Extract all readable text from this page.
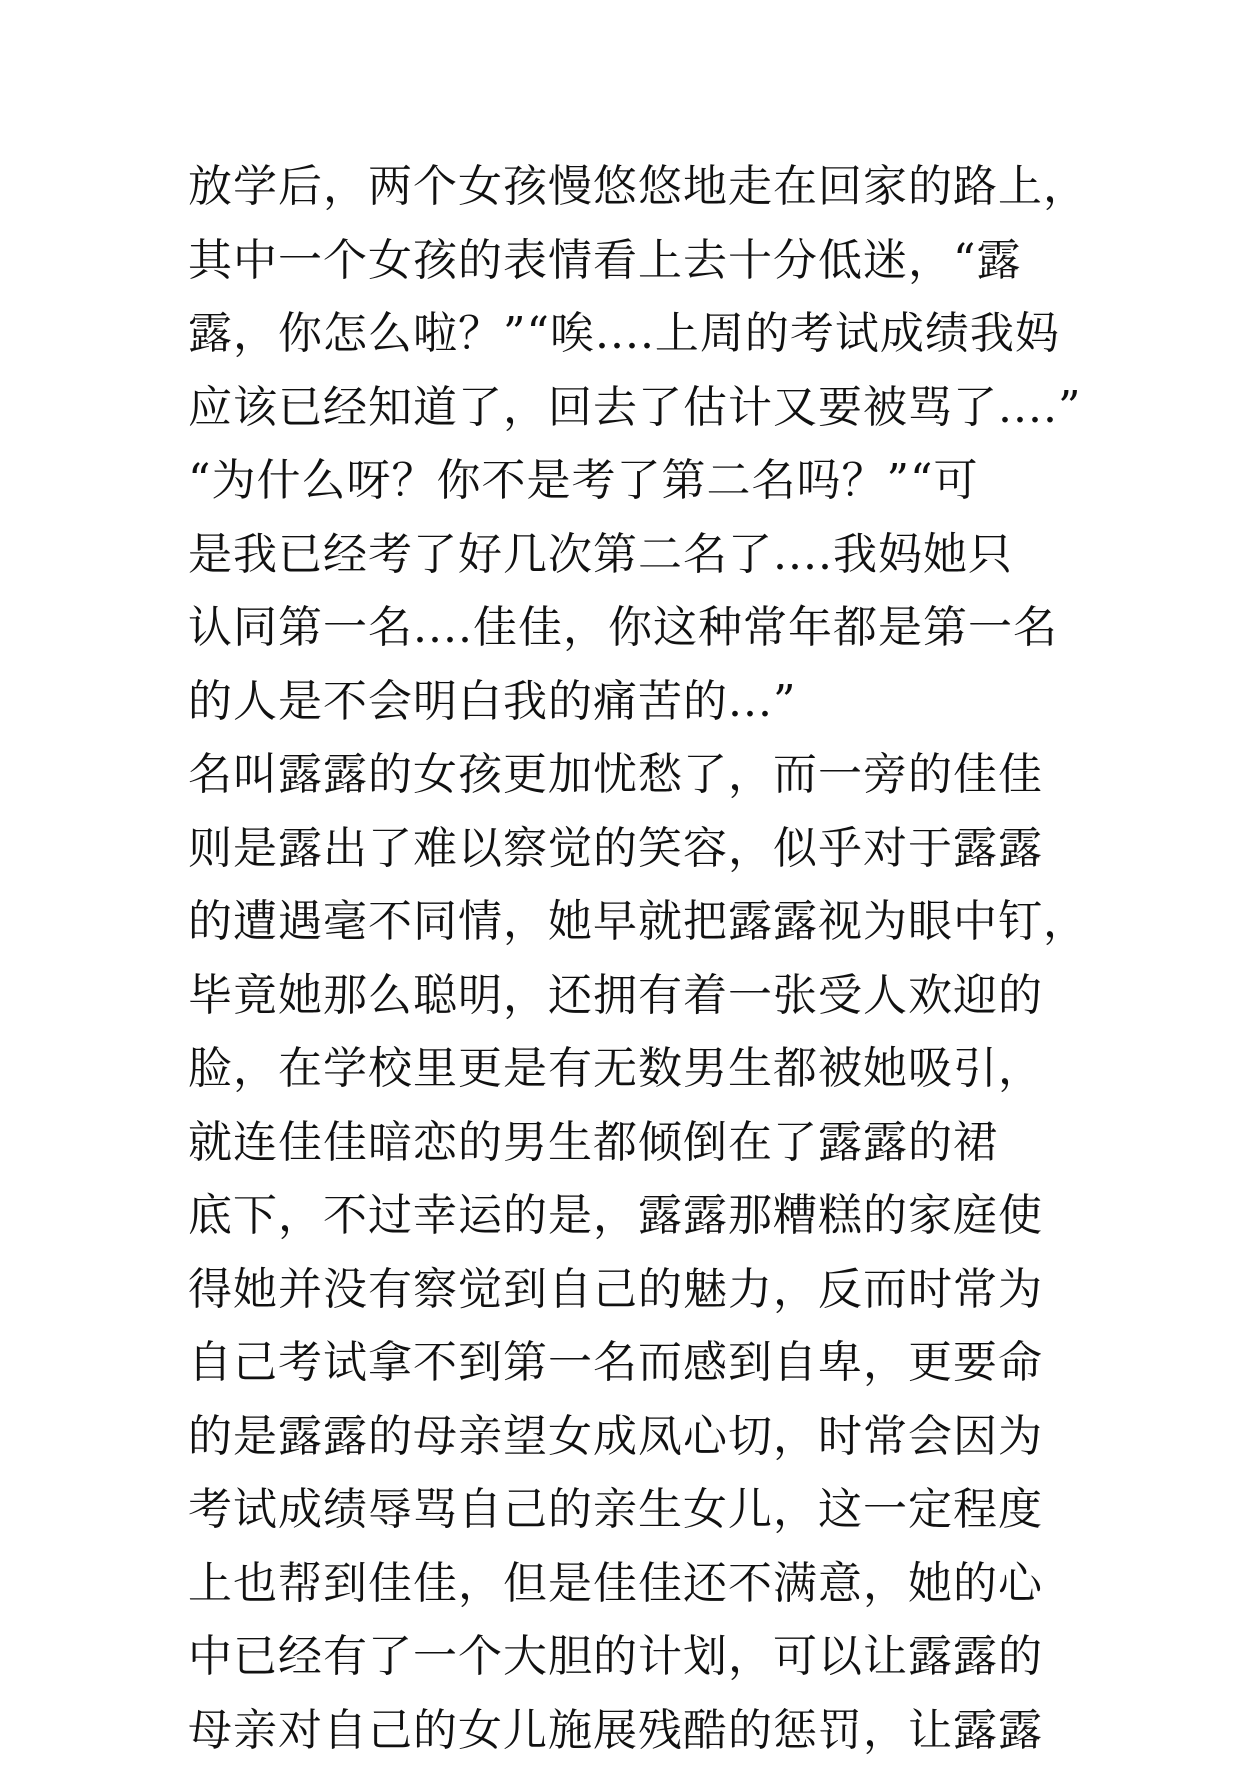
放学后，两个女孩慢悠悠地走在回家的路上，
其中一个女孩的表情看上去十分低迷，“露
露，你怎么啦？”“唉....上周的考试成绩我妈
应该已经知道了，回去了估计又要被骂了....”
“为什么呀？你不是考了第二名吗？”“可
是我已经考了好几次第二名了....我妈她只
认同第一名....佳佳，你这种常年都是第一名
的人是不会明白我的痛苦的...”
名叫露露的女孩更加忧愁了，而一旁的佳佳
则是露出了难以察觉的笑容，似乎对于露露
的遭遇毫不同情，她早就把露露视为眼中钉，
毕竟她那么聪明，还拥有着一张受人欢迎的
脸，在学校里更是有无数男生都被她吸引，
就连佳佳暗恋的男生都倾倒在了露露的裙
底下，不过幸运的是，露露那糟糕的家庭使
得她并没有察觉到自己的魅力，反而时常为
自己考试拿不到第一名而感到自卑，更要命
的是露露的母亲望女成凤心切，时常会因为
考试成绩辱骂自己的亲生女儿，这一定程度
上也帮到佳佳，但是佳佳还不满意，她的心
中已经有了一个大胆的计划，可以让露露的
母亲对自己的女儿施展残酷的惩罚，让露露
